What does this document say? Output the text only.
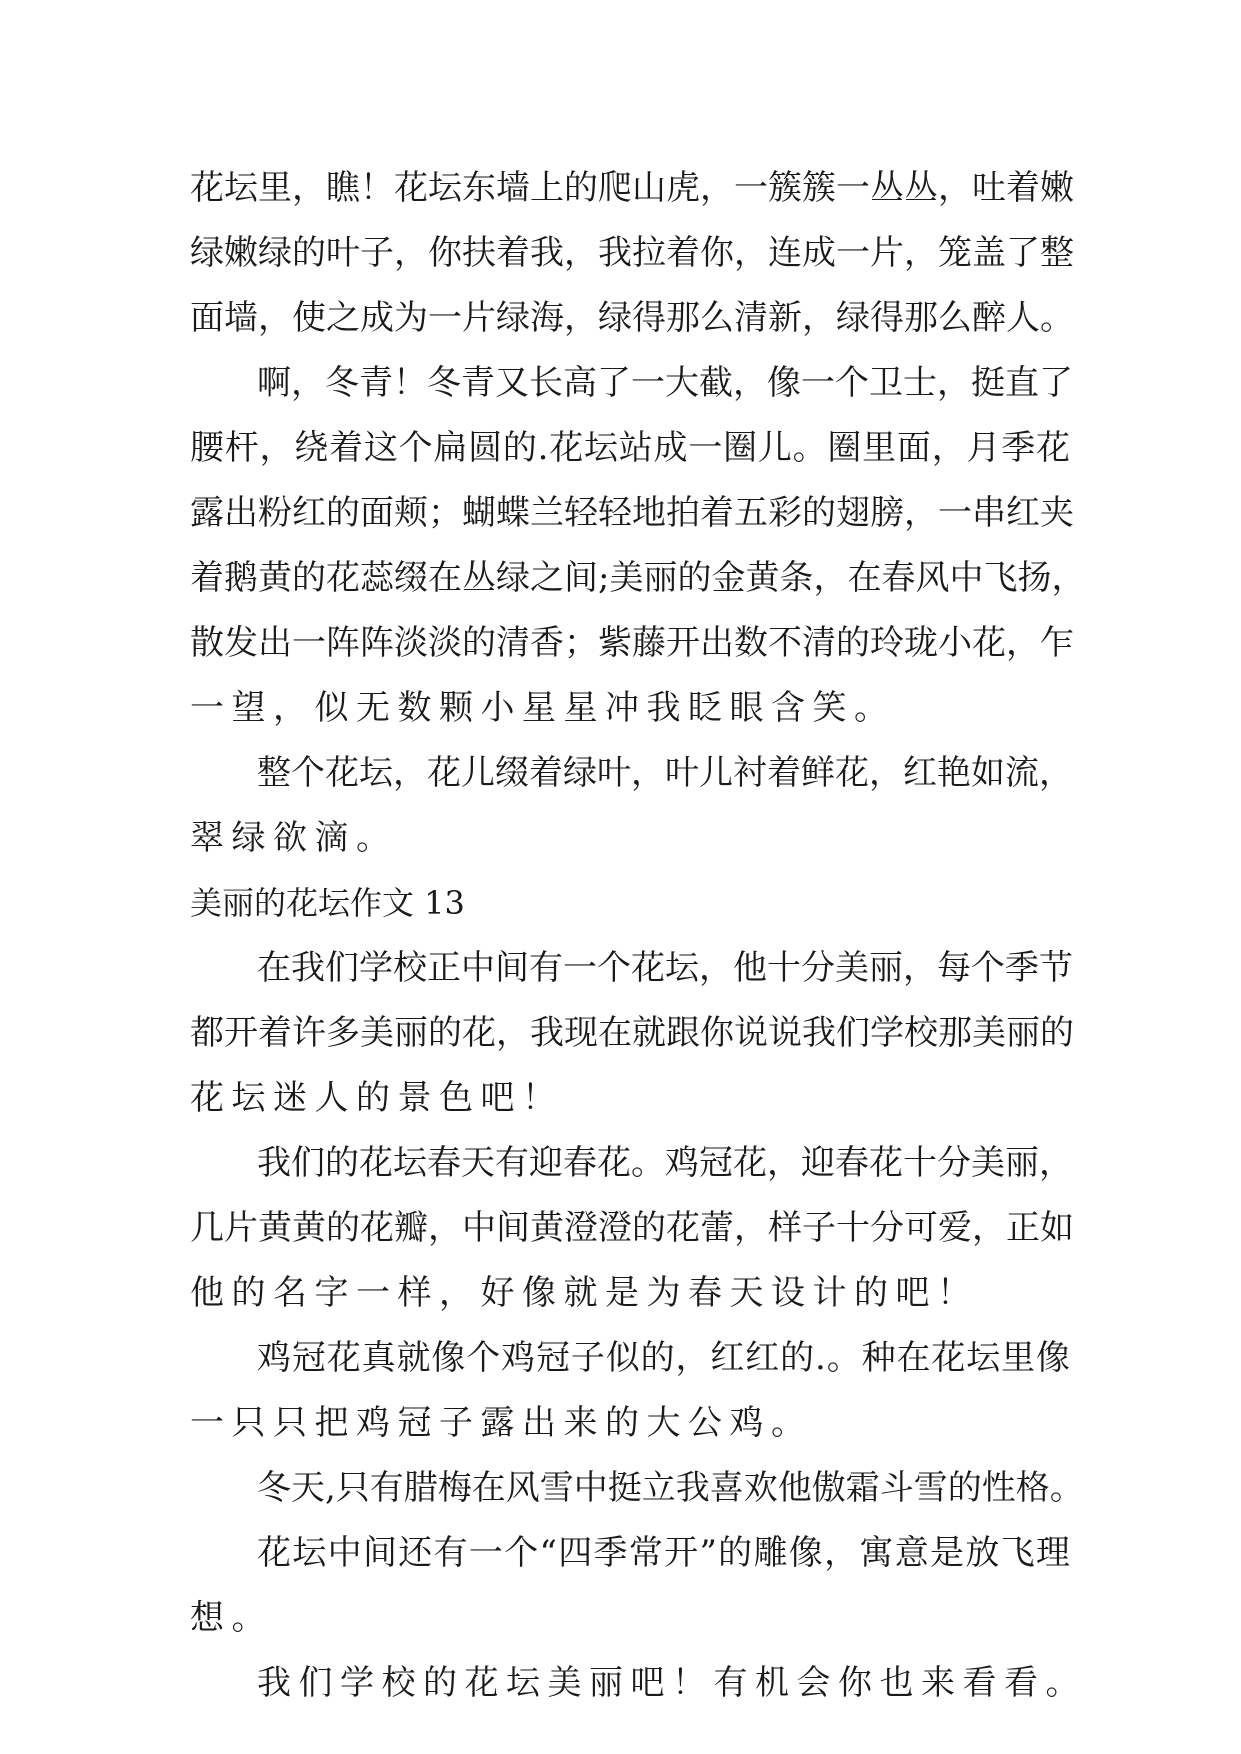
花坛里，瞧！花坛东墙上的爬山虎，一簇簇一丛丛，吐着嫩
绿嫩绿的叶子，你扶着我，我拉着你，连成一片，笼盖了整
面墙，使之成为一片绿海，绿得那么清新，绿得那么醉人。
啊，冬青！冬青又长高了一大截，像一个卫士，挺直了
腰杆，绕着这个扁圆的.花坛站成一圈儿。圈里面，月季花
露出粉红的面颊；蝴蝶兰轻轻地拍着五彩的翅膀，一串红夹
着鹅黄的花蕊缀在丛绿之间;美丽的金黄条，在春风中飞扬，
散发出一阵阵淡淡的清香；紫藤开出数不清的玲珑小花，乍
一望，似无数颗小星星冲我眨眼含笑。
整个花坛，花儿缀着绿叶，叶儿衬着鲜花，红艳如流，
翠绿欲滴。
美丽的花坛作文 13
在我们学校正中间有一个花坛，他十分美丽，每个季节
都开着许多美丽的花，我现在就跟你说说我们学校那美丽的
花坛迷人的景色吧！
我们的花坛春天有迎春花。鸡冠花，迎春花十分美丽，
几片黄黄的花瓣，中间黄澄澄的花蕾，样子十分可爱，正如
他的名字一样，好像就是为春天设计的吧！
鸡冠花真就像个鸡冠子似的，红红的.。种在花坛里像
一只只把鸡冠子露出来的大公鸡。
冬天,只有腊梅在风雪中挺立我喜欢他傲霜斗雪的性格。
花坛中间还有一个“四季常开”的雕像，寓意是放飞理
想。
我们学校的花坛美丽吧！有机会你也来看看。
